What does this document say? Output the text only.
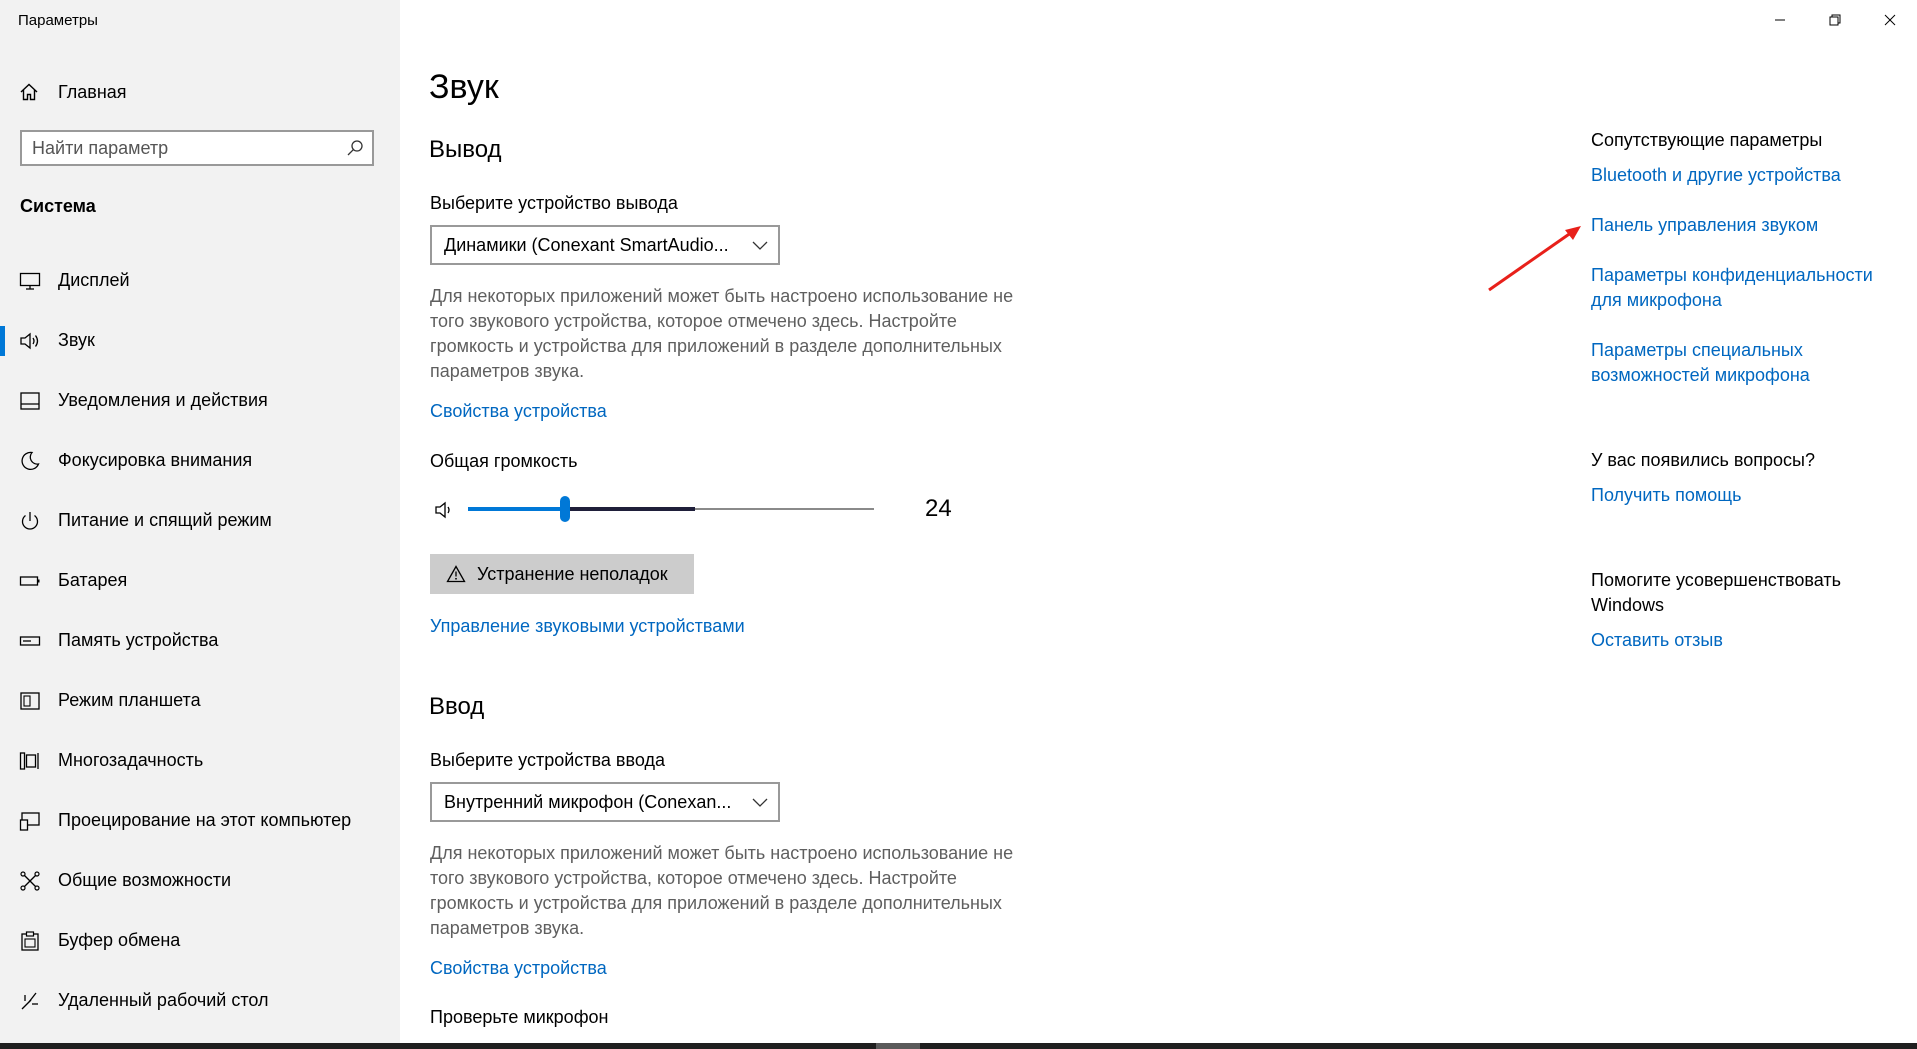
Параметры
Главная
Найти параметр
Система
Дисплей
Звук
Уведомления и действия
Фокусировка внимания
Питание и спящий режим
Батарея
Память устройства
Режим планшета
Многозадачность
Проецирование на этот компьютер
Общие возможности
Буфер обмена
Удаленный рабочий стол
Звук
Вывод
Выберите устройство вывода
Динамики (Conexant SmartAudio...
Для некоторых приложений может быть настроено использование не того звукового устройства, которое отмечено здесь. Настройте громкость и устройства для приложений в разделе дополнительных параметров звука.
Свойства устройства
Общая громкость
24
Устранение неполадок
Управление звуковыми устройствами
Ввод
Выберите устройства ввода
Внутренний микрофон (Conexan...
Для некоторых приложений может быть настроено использование не того звукового устройства, которое отмечено здесь. Настройте громкость и устройства для приложений в разделе дополнительных параметров звука.
Свойства устройства
Проверьте микрофон
Сопутствующие параметры
Bluetooth и другие устройства
Панель управления звуком
Параметры конфиденциальности для микрофона
Параметры специальных возможностей микрофона
У вас появились вопросы?
Получить помощь
Помогите усовершенствовать Windows
Оставить отзыв
